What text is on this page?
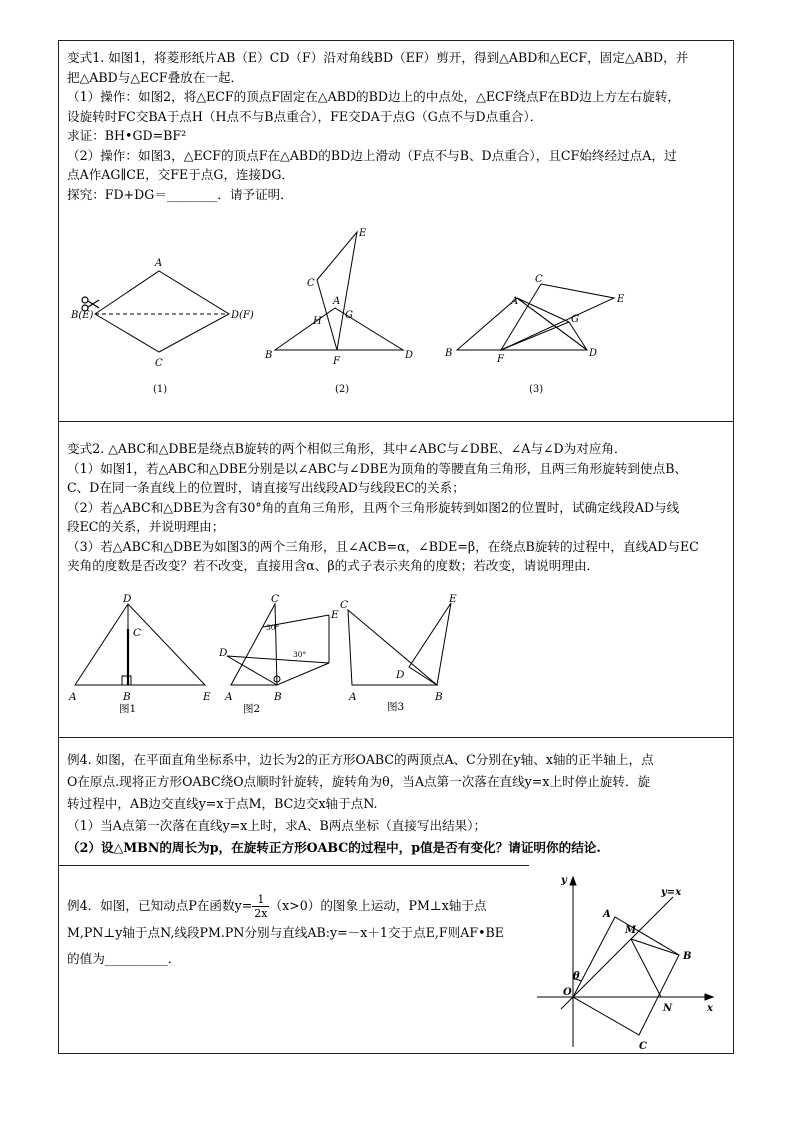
变式1. 如图1，将菱形纸片AB（E）CD（F）沿对角线BD（EF）剪开，得到△ABD和△ECF，固定△ABD，并

把△ABD与△ECF叠放在一起．

（1）操作：如图2，将△ECF的顶点F固定在△ABD的BD边上的中点处，△ECF绕点F在BD边上方左右旋转，

设旋转时FC交BA于点H（H点不与B点重合），FE交DA于点G（G点不与D点重合）．

求证：BH•GD=BF²

（2）操作：如图3，△ECF的顶点F在△ABD的BD边上滑动（F点不与B、D点重合），且CF始终经过点A，过

点A作AG∥CE，交FE于点G，连接DG．

探究：FD+DG＝________．请予证明．

A
B(E)	D(F)
C
(1)
E
C
A
G
H
B
F
D
(2)
C
E
A
G
B
F
D
(3)

变式2. △ABC和△DBE是绕点B旋转的两个相似三角形，其中∠ABC与∠DBE、∠A与∠D为对应角．

（1）如图1，若△ABC和△DBE分别是以∠ABC与∠DBE为顶角的等腰直角三角形，且两三角形旋转到使点B、

C、D在同一条直线上的位置时，请直接写出线段AD与线段EC的关系；

（2）若△ABC和△DBE为含有30°角的直角三角形，且两个三角形旋转到如图2的位置时，试确定线段AD与线

段EC的关系，并说明理由；

（3）若△ABC和△DBE为如图3的两个三角形，且∠ACB=α，∠BDE=β，在绕点B旋转的过程中，直线AD与EC

夹角的度数是否改变？若不改变，直接用含α、β的式子表示夹角的度数；若改变，请说明理由．

D
C
A	B	E
图1
C
E
D
A	B
图2
30°
30°
C	E
D
A	B
图3

例4. 如图，在平面直角坐标系中，边长为2的正方形OABC的两顶点A、C分别在y轴、x轴的正半轴上，点

O在原点.现将正方形OABC绕O点顺时针旋转，旋转角为θ，当A点第一次落在直线y=x上时停止旋转．旋

转过程中，AB边交直线y=x于点M，BC边交x轴于点N.

（1）当A点第一次落在直线y=x上时，求A、B两点坐标（直接写出结果）；

（2）设△MBN的周长为p，在旋转正方形OABC的过程中，p值是否有变化？请证明你的结论.

例4．如图，已知动点P在函数$y= \frac{1}{2x} (x>0)$的图象上运动，PM⊥x轴于点

M,PN⊥y轴于点N,线段PM.PN分别与直线AB:y=－x＋1交于点E,F则AF•BE

的值为__________．

y
x
y=x
A
M
B
θ
O
N
C
